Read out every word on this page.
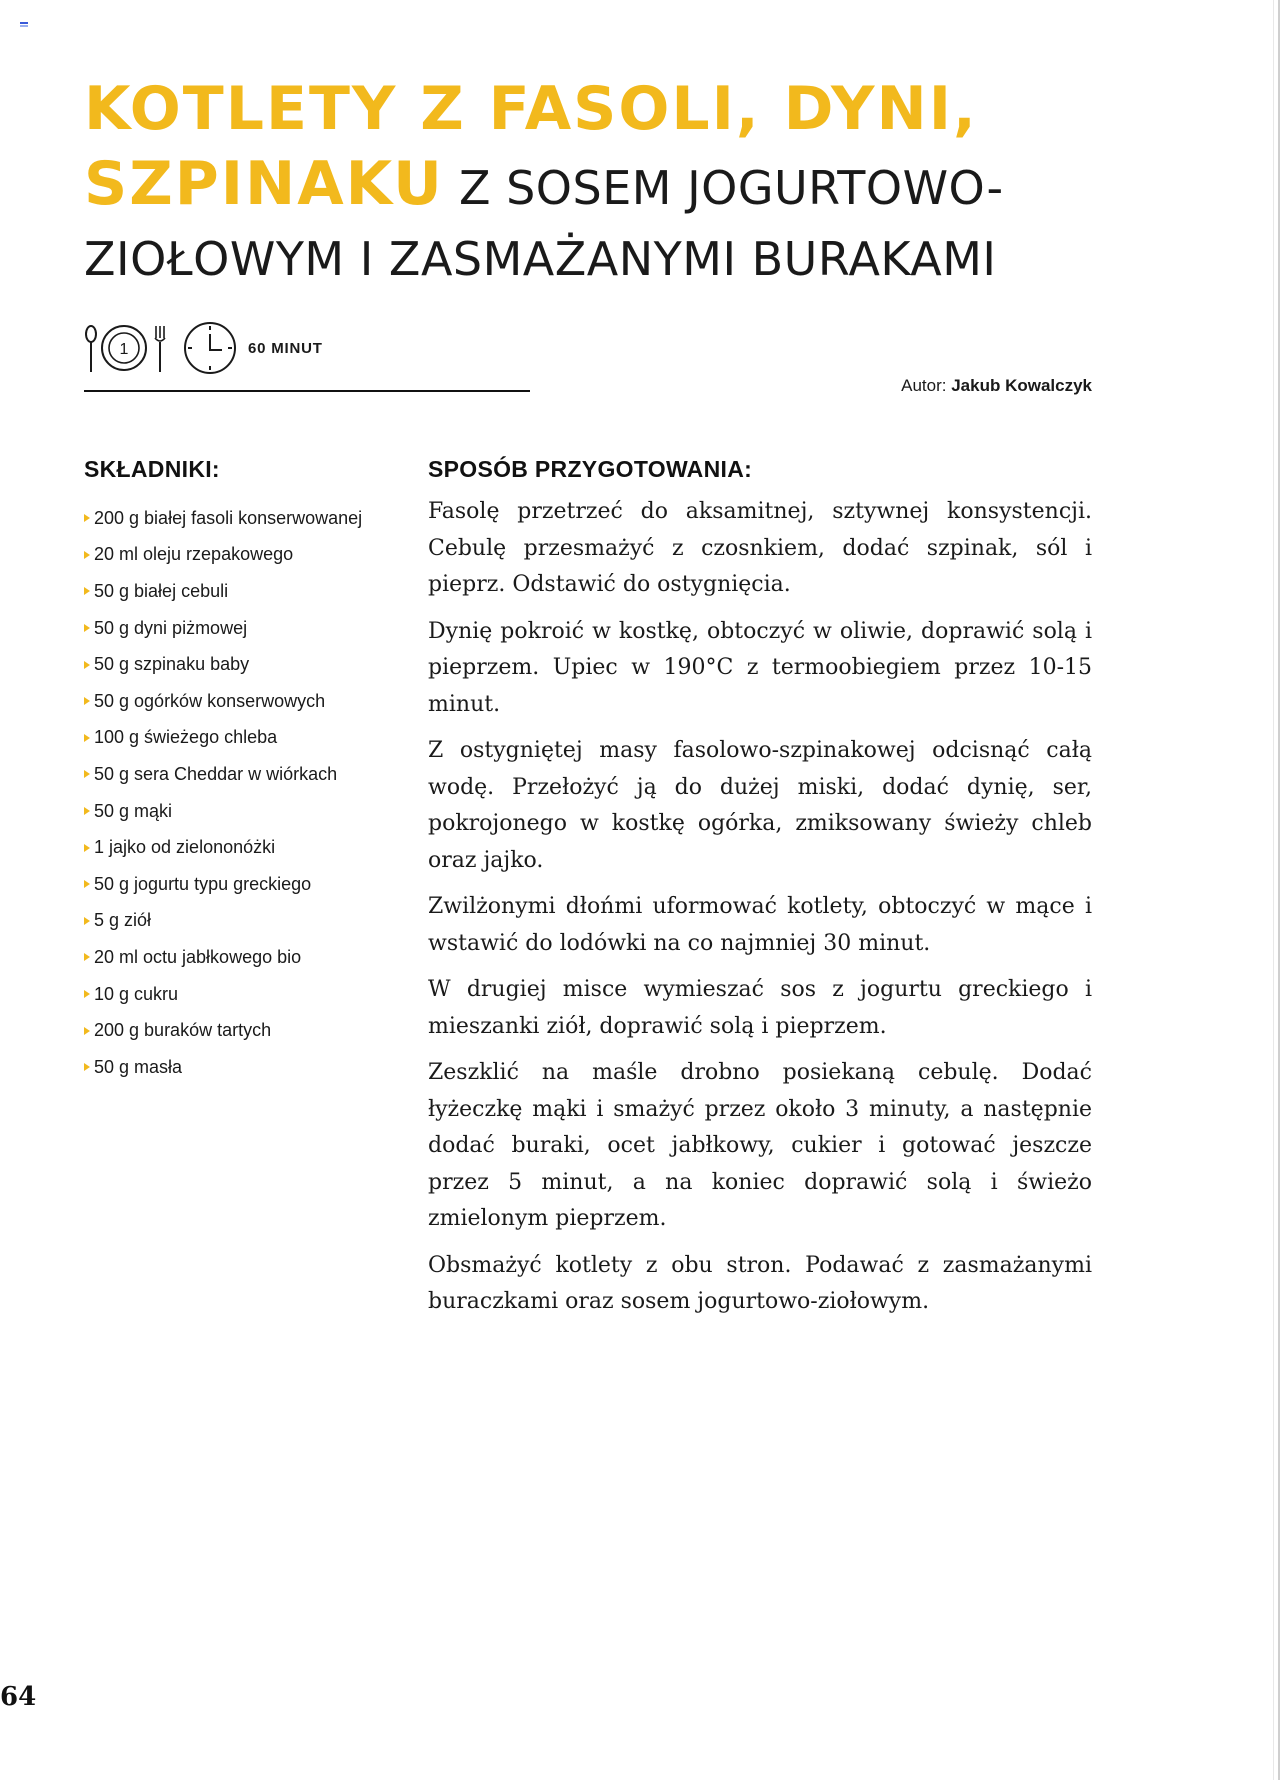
KOTLETY Z FASOLI, DYNI,
SZPINAKU Z SOSEM JOGURTOWO-
ZIOŁOWYM I ZASMAŻANYMI BURAKAMI
1	60 MINUT
Autor: Jakub Kowalczyk
SKŁADNIKI:
200 g białej fasoli konserwowanej
20 ml oleju rzepakowego
50 g białej cebuli
50 g dyni piżmowej
50 g szpinaku baby
50 g ogórków konserwowych
100 g świeżego chleba
50 g sera Cheddar w wiórkach
50 g mąki
1 jajko od zielononóżki
50 g jogurtu typu greckiego
5 g ziół
20 ml octu jabłkowego bio
10 g cukru
200 g buraków tartych
50 g masła
SPOSÓB PRZYGOTOWANIA:

Fasolę przetrzeć do aksamitnej, sztywnej konsystencji. Cebulę przesmażyć z czosnkiem, dodać szpinak, sól i pieprz. Odstawić do ostygnięcia.

Dynię pokroić w kostkę, obtoczyć w oliwie, doprawić solą i pieprzem. Upiec w 190°C z termoobiegiem przez 10-15 minut.

Z ostygniętej masy fasolowo-szpinakowej odcisnąć całą wodę. Przełożyć ją do dużej miski, dodać dynię, ser, pokrojonego w kostkę ogórka, zmiksowany świeży chleb oraz jajko.

Zwilżonymi dłońmi uformować kotlety, obtoczyć w mące i wstawić do lodówki na co najmniej 30 minut.

W drugiej misce wymieszać sos z jogurtu greckiego i mieszanki ziół, doprawić solą i pieprzem.

Zeszklić na maśle drobno posiekaną cebulę. Dodać łyżeczkę mąki i smażyć przez około 3 minuty, a następnie dodać buraki, ocet jabłkowy, cukier i gotować jeszcze przez 5 minut, a na koniec doprawić solą i świeżo zmielonym pieprzem.

Obsmażyć kotlety z obu stron. Podawać z zasmażanymi buraczkami oraz sosem jogurtowo-ziołowym.

64
